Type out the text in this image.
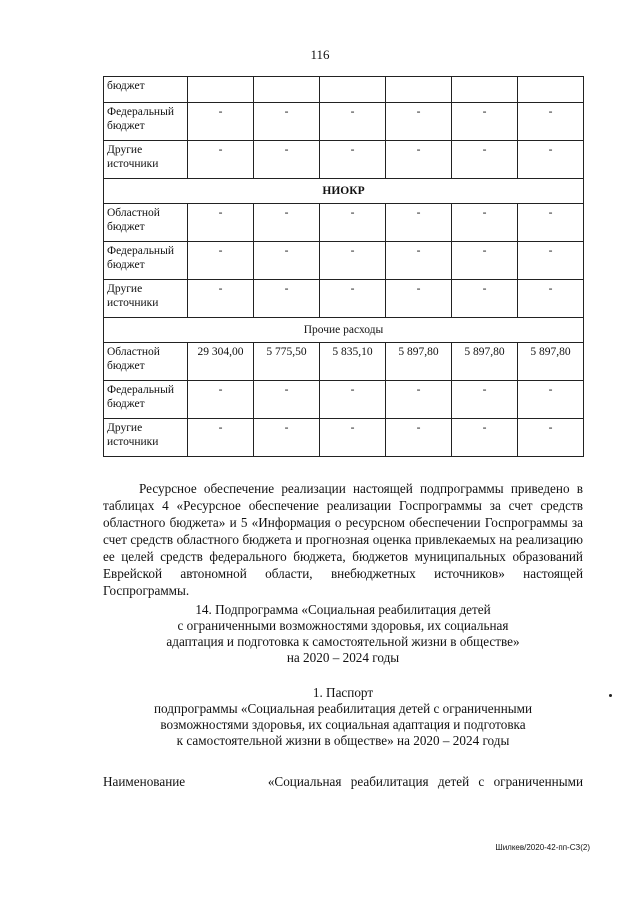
116
бюджет						
Федеральный бюджет	-	-	-	-	-	-
Другие источники	-	-	-	-	-	-
НИОКР						
Областной бюджет	-	-	-	-	-	-
Федеральный бюджет	-	-	-	-	-	-
Другие источники	-	-	-	-	-	-
Прочие расходы						
Областной бюджет	29 304,00	5 775,50	5 835,10	5 897,80	5 897,80	5 897,80
Федеральный бюджет	-	-	-	-	-	-
Другие источники	-	-	-	-	-	-
Ресурсное обеспечение реализации настоящей подпрограммы приведено в таблицах 4 «Ресурсное обеспечение реализации Госпрограммы за счет средств областного бюджета» и 5 «Информация о ресурсном обеспечении Госпрограммы за счет средств областного бюджета и прогнозная оценка привлекаемых на реализацию ее целей средств федерального бюджета, бюджетов муниципальных образований Еврейской автономной области, внебюджетных источников» настоящей Госпрограммы.
14. Подпрограмма «Социальная реабилитация детей
с ограниченными возможностями здоровья, их социальная
адаптация и подготовка к самостоятельной жизни в обществе»
на 2020 – 2024 годы
1. Паспорт
подпрограммы «Социальная реабилитация детей с ограниченными
возможностями здоровья, их социальная адаптация и подготовка
к самостоятельной жизни в обществе» на 2020 – 2024 годы
Наименование	«Социальная реабилитация детей с ограниченными
Шилкев/2020-42-пп-СЗ(2)
